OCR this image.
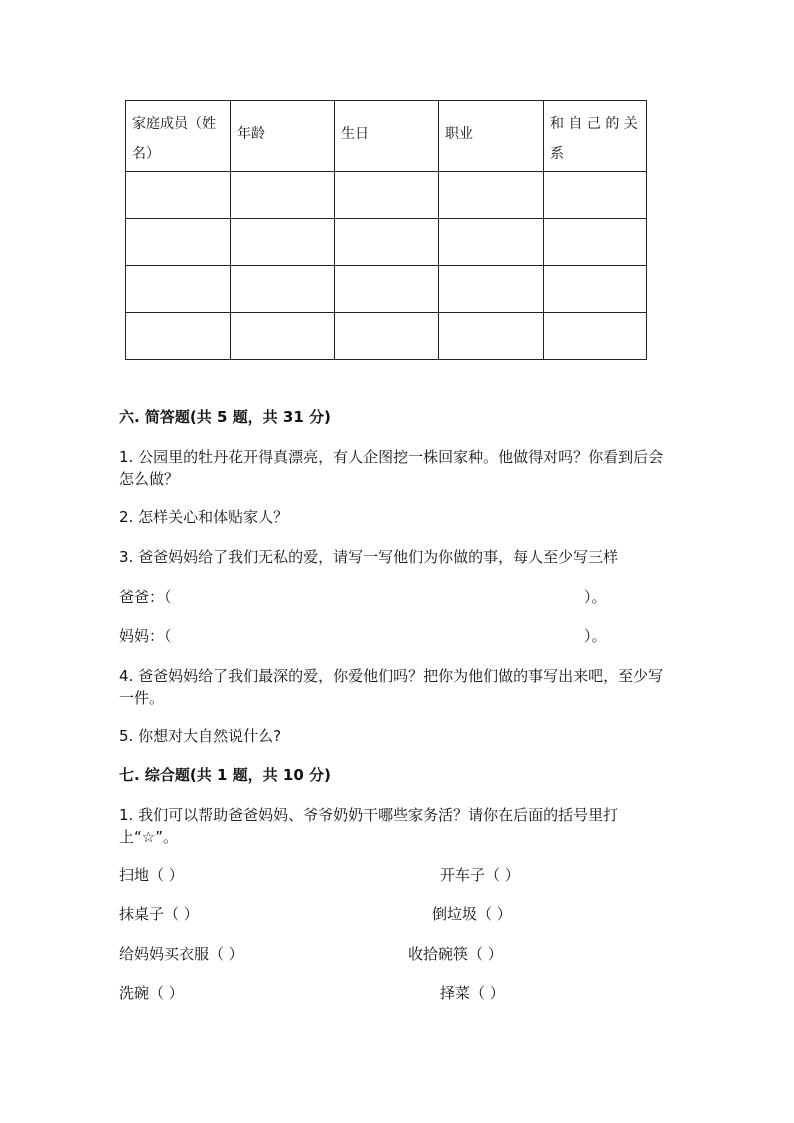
家庭成员（姓
名）	年龄	生日	职业	和 自 己 的 关
系

六. 简答题(共 5 题，共 31 分)
1. 公园里的牡丹花开得真漂亮，有人企图挖一株回家种。他做得对吗？你看到后会怎么做？
2. 怎样关心和体贴家人？
3. 爸爸妈妈给了我们无私的爱，请写一写他们为你做的事，每人至少写三样
爸爸：（	）。
妈妈：（	）。
4. 爸爸妈妈给了我们最深的爱，你爱他们吗？把你为他们做的事写出来吧，至少写一件。
5. 你想对大自然说什么?
七. 综合题(共 1 题，共 10 分)
1. 我们可以帮助爸爸妈妈、爷爷奶奶干哪些家务活？请你在后面的括号里打上“☆”。
扫地（ ）	开车子（ ）
抹桌子（ ）	倒垃圾（ ）
给妈妈买衣服（ ）	收拾碗筷（ ）
洗碗（ ）	择菜（ ）
